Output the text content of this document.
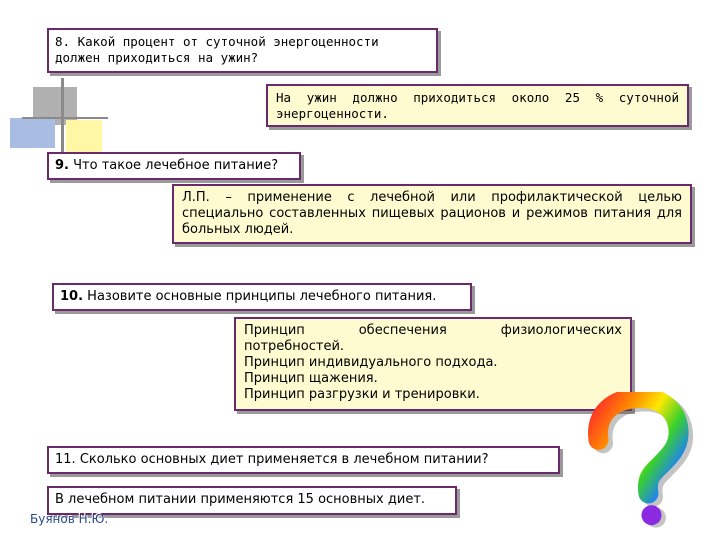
8. Какой процент от суточной энергоценности должен приходиться на ужин?
На ужин должно приходиться около 25 % суточной энергоценности.
9. Что такое лечебное питание?
Л.П. – применение с лечебной или профилактической целью специально составленных пищевых рационов и режимов питания для больных людей.
10. Назовите основные принципы лечебного питания.
Принцип обеспечения физиологических
потребностей.
Принцип индивидуального подхода.
Принцип щажения.
Принцип разгрузки и тренировки.
11. Сколько основных диет применяется в лечебном питании?
В лечебном питании применяются 15 основных диет.
Буянов Н.Ю.
